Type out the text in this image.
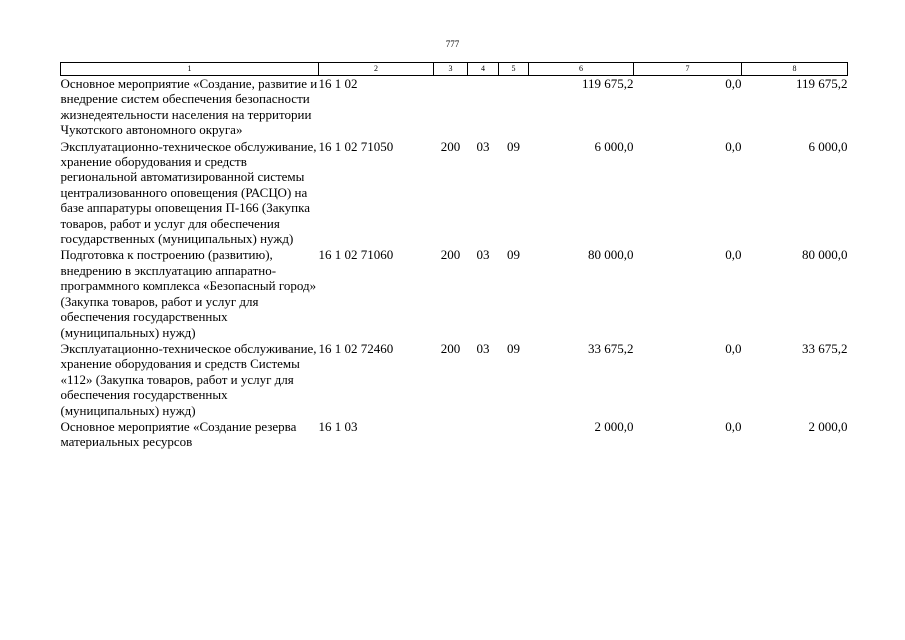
777
1	2	3	4	5	6	7	8
Основное мероприятие «Создание, развитие и внедрение систем обеспечения безопасности жизнедеятельности населения на территории Чукотского автономного округа»	16 1 02				119 675,2	0,0	119 675,2
Эксплуатационно-техническое обслуживание, хранение оборудования и средств региональной автоматизированной системы централизованного оповещения (РАСЦО) на базе аппаратуры оповещения П-166 (Закупка товаров, работ и услуг для обеспечения государственных (муниципальных) нужд)	16 1 02 71050	200	03	09	6 000,0	0,0	6 000,0
Подготовка к построению (развитию), внедрению в эксплуатацию аппаратно-программного комплекса «Безопасный город» (Закупка товаров, работ и услуг для обеспечения государственных (муниципальных) нужд)	16 1 02 71060	200	03	09	80 000,0	0,0	80 000,0
Эксплуатационно-техническое обслуживание, хранение оборудования и средств Системы «112» (Закупка товаров, работ и услуг для обеспечения государственных (муниципальных) нужд)	16 1 02 72460	200	03	09	33 675,2	0,0	33 675,2
Основное мероприятие «Создание резерва материальных ресурсов	16 1 03				2 000,0	0,0	2 000,0
